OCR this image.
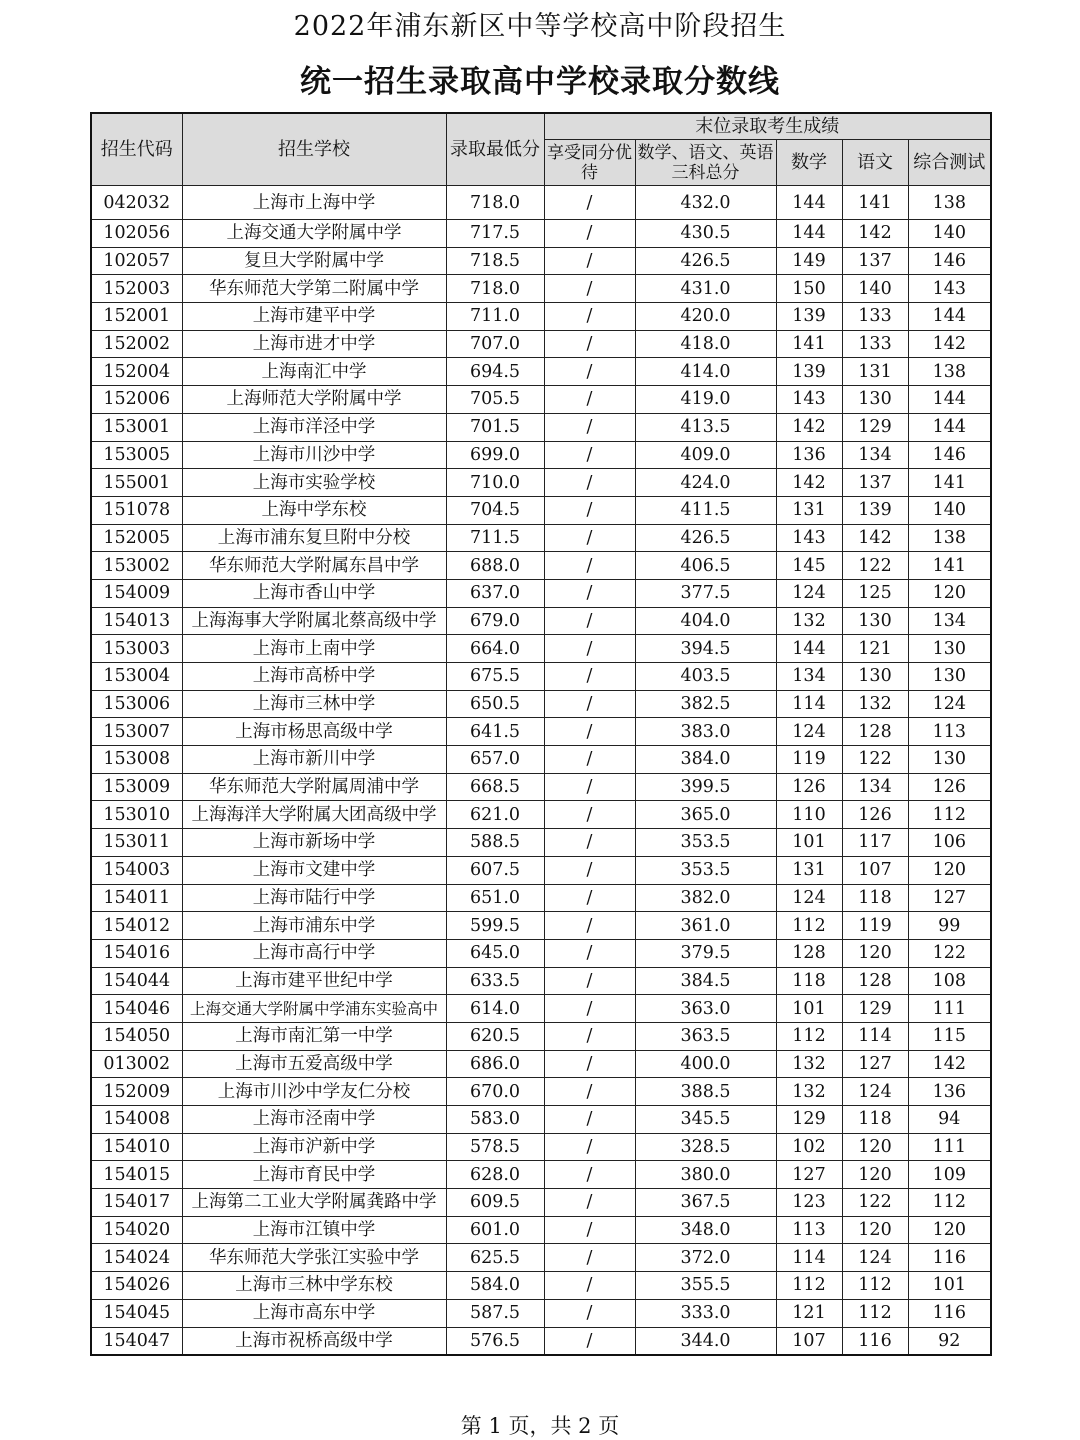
2022年浦东新区中等学校高中阶段招生
统一招生录取高中学校录取分数线
招生代码	招生学校	录取最低分	末位录取考生成绩				
			享受同分优待	数学、语文、英语三科总分	数学	语文	综合测试
042032	上海市上海中学	718.0	/	432.0	144	141	138
102056	上海交通大学附属中学	717.5	/	430.5	144	142	140
102057	复旦大学附属中学	718.5	/	426.5	149	137	146
152003	华东师范大学第二附属中学	718.0	/	431.0	150	140	143
152001	上海市建平中学	711.0	/	420.0	139	133	144
152002	上海市进才中学	707.0	/	418.0	141	133	142
152004	上海南汇中学	694.5	/	414.0	139	131	138
152006	上海师范大学附属中学	705.5	/	419.0	143	130	144
153001	上海市洋泾中学	701.5	/	413.5	142	129	144
153005	上海市川沙中学	699.0	/	409.0	136	134	146
155001	上海市实验学校	710.0	/	424.0	142	137	141
151078	上海中学东校	704.5	/	411.5	131	139	140
152005	上海市浦东复旦附中分校	711.5	/	426.5	143	142	138
153002	华东师范大学附属东昌中学	688.0	/	406.5	145	122	141
154009	上海市香山中学	637.0	/	377.5	124	125	120
154013	上海海事大学附属北蔡高级中学	679.0	/	404.0	132	130	134
153003	上海市上南中学	664.0	/	394.5	144	121	130
153004	上海市高桥中学	675.5	/	403.5	134	130	130
153006	上海市三林中学	650.5	/	382.5	114	132	124
153007	上海市杨思高级中学	641.5	/	383.0	124	128	113
153008	上海市新川中学	657.0	/	384.0	119	122	130
153009	华东师范大学附属周浦中学	668.5	/	399.5	126	134	126
153010	上海海洋大学附属大团高级中学	621.0	/	365.0	110	126	112
153011	上海市新场中学	588.5	/	353.5	101	117	106
154003	上海市文建中学	607.5	/	353.5	131	107	120
154011	上海市陆行中学	651.0	/	382.0	124	118	127
154012	上海市浦东中学	599.5	/	361.0	112	119	99
154016	上海市高行中学	645.0	/	379.5	128	120	122
154044	上海市建平世纪中学	633.5	/	384.5	118	128	108
154046	上海交通大学附属中学浦东实验高中	614.0	/	363.0	101	129	111
154050	上海市南汇第一中学	620.5	/	363.5	112	114	115
013002	上海市五爱高级中学	686.0	/	400.0	132	127	142
152009	上海市川沙中学友仁分校	670.0	/	388.5	132	124	136
154008	上海市泾南中学	583.0	/	345.5	129	118	94
154010	上海市沪新中学	578.5	/	328.5	102	120	111
154015	上海市育民中学	628.0	/	380.0	127	120	109
154017	上海第二工业大学附属龚路中学	609.5	/	367.5	123	122	112
154020	上海市江镇中学	601.0	/	348.0	113	120	120
154024	华东师范大学张江实验中学	625.5	/	372.0	114	124	116
154026	上海市三林中学东校	584.0	/	355.5	112	112	101
154045	上海市高东中学	587.5	/	333.0	121	112	116
154047	上海市祝桥高级中学	576.5	/	344.0	107	116	92
第 1 页，共 2 页
